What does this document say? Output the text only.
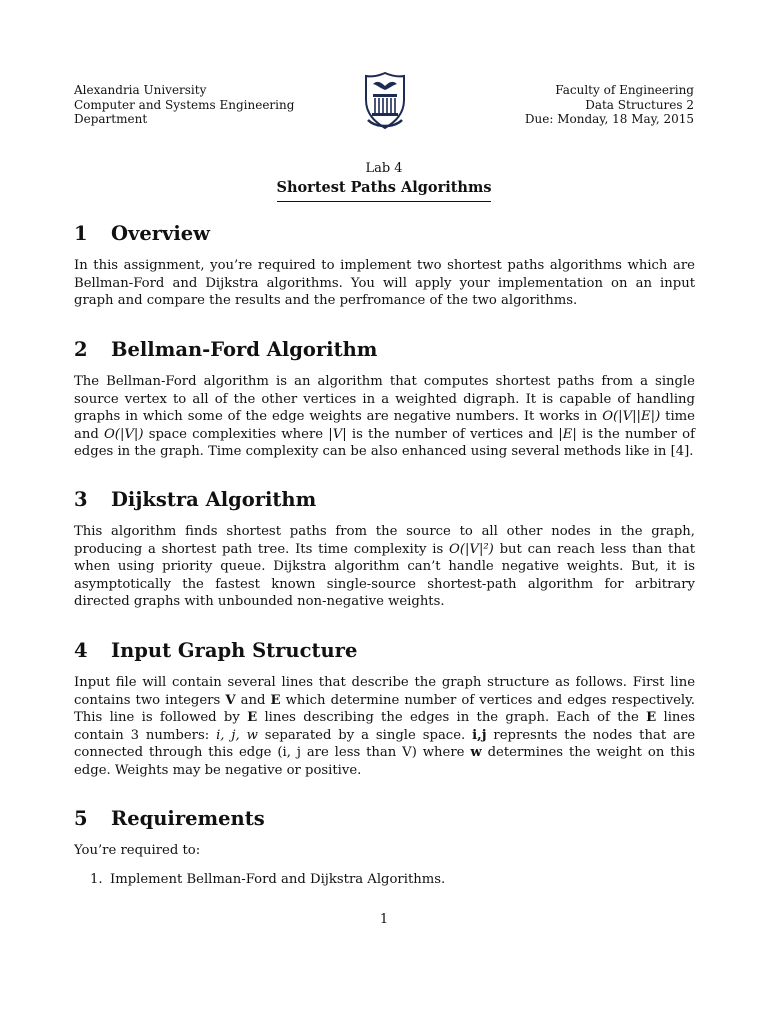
Alexandria University
Computer and Systems Engineering
Department
Faculty of Engineering
Data Structures 2
Due: Monday, 18 May, 2015
Lab 4
Shortest Paths Algorithms
1 Overview

In this assignment, you’re required to implement two shortest paths algorithms which are Bellman-Ford and Dijkstra algorithms. You will apply your implementation on an input graph and compare the results and the perfromance of the two algorithms.

2 Bellman-Ford Algorithm

The Bellman-Ford algorithm is an algorithm that computes shortest paths from a single source vertex to all of the other vertices in a weighted digraph. It is capable of handling graphs in which some of the edge weights are negative numbers. It works in O(|V||E|) time and O(|V|) space complexities where |V| is the number of vertices and |E| is the number of edges in the graph. Time complexity can be also enhanced using several methods like in [4].

3 Dijkstra Algorithm

This algorithm finds shortest paths from the source to all other nodes in the graph, producing a shortest path tree. Its time complexity is O(|V|²) but can reach less than that when using priority queue. Dijkstra algorithm can’t handle negative weights. But, it is asymptotically the fastest known single-source shortest-path algorithm for arbitrary directed graphs with unbounded non-negative weights.

4 Input Graph Structure

Input file will contain several lines that describe the graph structure as follows. First line contains two integers V and E which determine number of vertices and edges respectively. This line is followed by E lines describing the edges in the graph. Each of the E lines contain 3 numbers: i, j, w separated by a single space. i,j represnts the nodes that are connected through this edge (i, j are less than V) where w determines the weight on this edge. Weights may be negative or positive.

5 Requirements

You’re required to:

1. Implement Bellman-Ford and Dijkstra Algorithms.
1
